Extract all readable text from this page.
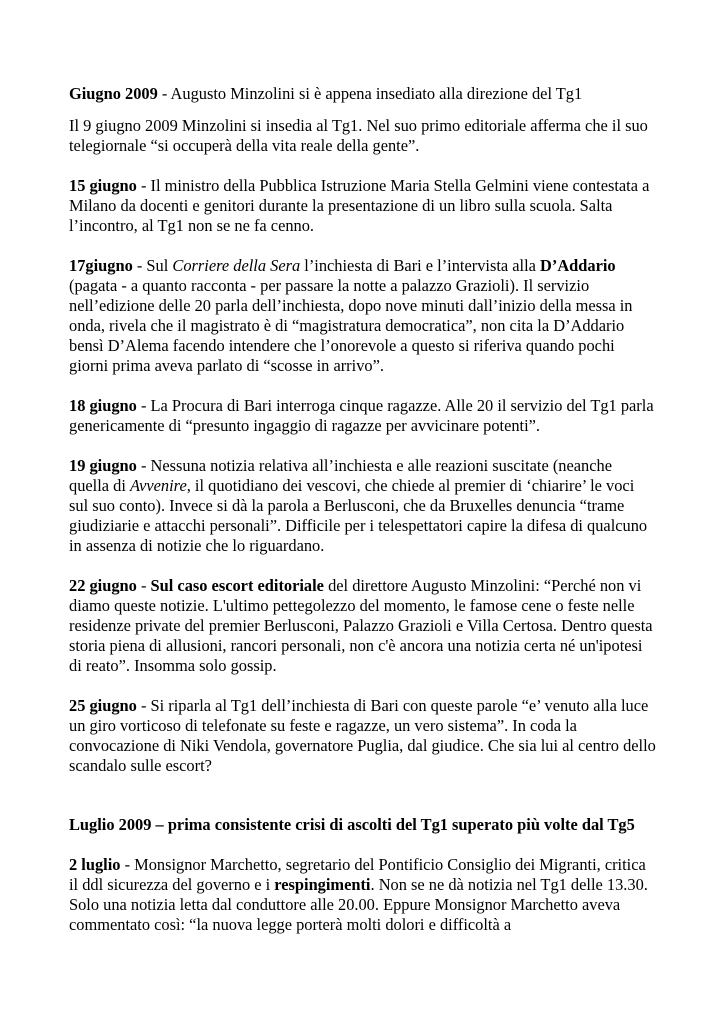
Giugno 2009 - Augusto Minzolini si è appena insediato alla direzione del Tg1

Il 9 giugno 2009 Minzolini si insedia al Tg1. Nel suo primo editoriale afferma che il suo telegiornale “si occuperà della vita reale della gente”.

15 giugno - Il ministro della Pubblica Istruzione Maria Stella Gelmini viene contestata a Milano da docenti e genitori durante la presentazione di un libro sulla scuola. Salta l’incontro, al Tg1 non se ne fa cenno.

17giugno - Sul Corriere della Sera l’inchiesta di Bari e l’intervista alla D’Addario (pagata - a quanto racconta - per passare la notte a palazzo Grazioli). Il servizio nell’edizione delle 20 parla dell’inchiesta, dopo nove minuti dall’inizio della messa in onda, rivela che il magistrato è di “magistratura democratica”, non cita la D’Addario bensì D’Alema facendo intendere che l’onorevole a questo si riferiva quando pochi giorni prima aveva parlato di “scosse in arrivo”.

18 giugno - La Procura di Bari interroga cinque ragazze. Alle 20 il servizio del Tg1 parla genericamente di “presunto ingaggio di ragazze per avvicinare potenti”.

19 giugno - Nessuna notizia relativa all’inchiesta e alle reazioni suscitate (neanche quella di Avvenire, il quotidiano dei vescovi, che chiede al premier di ‘chiarire’ le voci sul suo conto). Invece si dà la parola a Berlusconi, che da Bruxelles denuncia “trame giudiziarie e attacchi personali”. Difficile per i telespettatori capire la difesa di qualcuno in assenza di notizie che lo riguardano.

22 giugno - Sul caso escort editoriale del direttore Augusto Minzolini: “Perché non vi diamo queste notizie. L'ultimo pettegolezzo del momento, le famose cene o feste nelle residenze private del premier Berlusconi, Palazzo Grazioli e Villa Certosa. Dentro questa storia piena di allusioni, rancori personali, non c'è ancora una notizia certa né un'ipotesi di reato”. Insomma solo gossip.

25 giugno - Si riparla al Tg1 dell’inchiesta di Bari con queste parole “e’ venuto alla luce un giro vorticoso di telefonate su feste e ragazze, un vero sistema”. In coda la convocazione di Niki Vendola, governatore Puglia, dal giudice. Che sia lui al centro dello scandalo sulle escort?

Luglio 2009 – prima consistente crisi di ascolti del Tg1 superato più volte dal Tg5

2 luglio - Monsignor Marchetto, segretario del Pontificio Consiglio dei Migranti, critica il ddl sicurezza del governo e i respingimenti. Non se ne dà notizia nel Tg1 delle 13.30. Solo una notizia letta dal conduttore alle 20.00. Eppure Monsignor Marchetto aveva commentato così: “la nuova legge porterà molti dolori e difficoltà a
